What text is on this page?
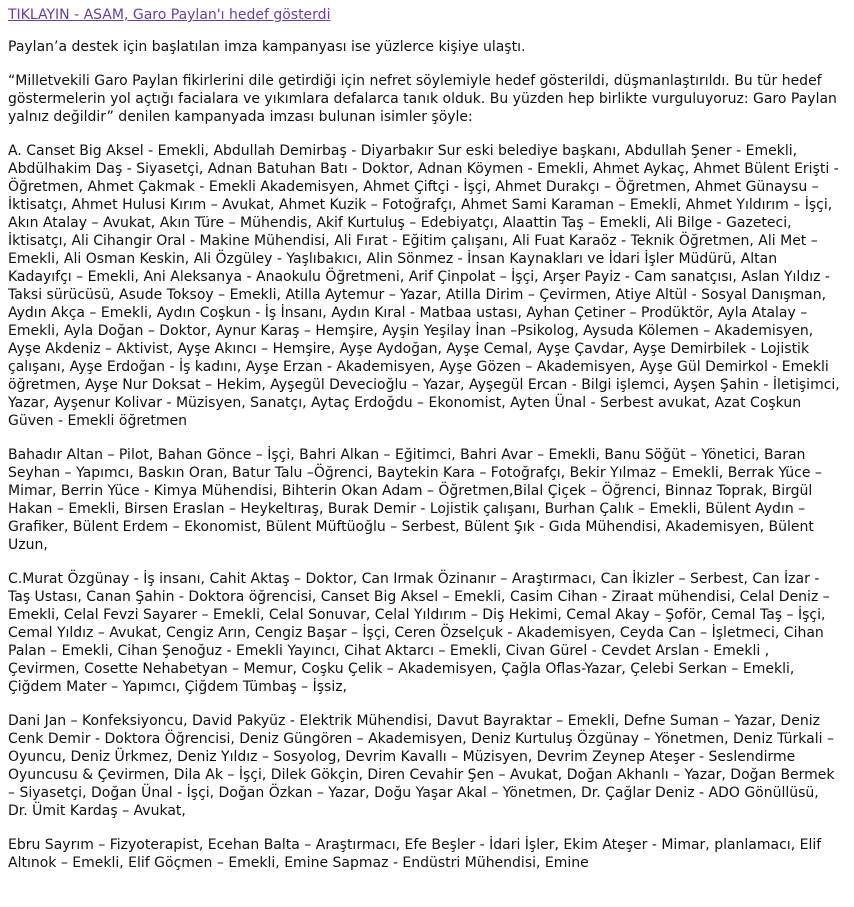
TIKLAYIN - ASAM, Garo Paylan'ı hedef gösterdi

Paylan’a destek için başlatılan imza kampanyası ise yüzlerce kişiye ulaştı.

“Milletvekili Garo Paylan fikirlerini dile getirdiği için nefret söylemiyle hedef gösterildi, düşmanlaştırıldı. Bu tür hedef göstermelerin yol açtığı facialara ve yıkımlara defalarca tanık olduk. Bu yüzden hep birlikte vurguluyoruz: Garo Paylan yalnız değildir” denilen kampanyada imzası bulunan isimler şöyle:

A. Canset Big Aksel - Emekli, Abdullah Demirbaş - Diyarbakır Sur eski belediye başkanı, Abdullah Şener - Emekli, Abdülhakim Daş - Siyasetçi, Adnan Batuhan Batı - Doktor, Adnan Köymen - Emekli, Ahmet Aykaç, Ahmet Bülent Erişti - Öğretmen, Ahmet Çakmak - Emekli Akademisyen, Ahmet Çiftçi - İşçi, Ahmet Durakçı – Öğretmen, Ahmet Günaysu – İktisatçı, Ahmet Hulusi Kırım – Avukat, Ahmet Kuzik – Fotoğrafçı, Ahmet Sami Karaman – Emekli, Ahmet Yıldırım – İşçi, Akın Atalay – Avukat, Akın Türe – Mühendis, Akif Kurtuluş – Edebiyatçı, Alaattin Taş – Emekli, Ali Bilge - Gazeteci, İktisatçı, Ali Cihangir Oral - Makine Mühendisi, Ali Fırat - Eğitim çalışanı, Ali Fuat Karaöz - Teknik Öğretmen, Ali Met – Emekli, Ali Osman Keskin, Ali Özgüley - Yaşlıbakıcı, Alin Sönmez - İnsan Kaynakları ve İdari İşler Müdürü, Altan Kadayıfçı – Emekli, Ani Aleksanya - Anaokulu Öğretmeni, Arif Çinpolat – İşçi, Arşer Payiz - Cam sanatçısı, Aslan Yıldız - Taksi sürücüsü, Asude Toksoy – Emekli, Atilla Aytemur – Yazar, Atilla Dirim – Çevirmen, Atiye Altül - Sosyal Danışman, Aydın Akça – Emekli, Aydın Coşkun - İş İnsanı, Aydın Kıral - Matbaa ustası, Ayhan Çetiner – Prodüktör, Ayla Atalay – Emekli, Ayla Doğan – Doktor, Aynur Karaş – Hemşire, Ayşin Yeşilay İnan –Psikolog, Aysuda Kölemen – Akademisyen, Ayşe Akdeniz – Aktivist, Ayşe Akıncı – Hemşire, Ayşe Aydoğan, Ayşe Cemal, Ayşe Çavdar, Ayşe Demirbilek - Lojistik çalışanı, Ayşe Erdoğan - İş kadını, Ayşe Erzan - Akademisyen, Ayşe Gözen – Akademisyen, Ayşe Gül Demirkol - Emekli öğretmen, Ayşe Nur Doksat – Hekim, Ayşegül Devecioğlu – Yazar, Ayşegül Ercan - Bilgi işlemci, Ayşen Şahin - İletişimci, Yazar, Ayşenur Kolivar - Müzisyen, Sanatçı, Aytaç Erdoğdu – Ekonomist, Ayten Ünal - Serbest avukat, Azat Coşkun Güven - Emekli öğretmen

Bahadır Altan – Pilot, Bahan Gönce – İşçi, Bahri Alkan – Eğitimci, Bahri Avar – Emekli, Banu Söğüt – Yönetici, Baran Seyhan – Yapımcı, Baskın Oran, Batur Talu –Öğrenci, Baytekin Kara – Fotoğrafçı, Bekir Yılmaz – Emekli, Berrak Yüce – Mimar, Berrin Yüce - Kimya Mühendisi, Bihterin Okan Adam – Öğretmen,Bilal Çiçek – Öğrenci, Binnaz Toprak, Birgül Hakan – Emekli, Birsen Eraslan – Heykeltıraş, Burak Demir - Lojistik çalışanı, Burhan Çalık – Emekli, Bülent Aydın – Grafiker, Bülent Erdem – Ekonomist, Bülent Müftüoğlu – Serbest, Bülent Şık - Gıda Mühendisi, Akademisyen, Bülent Uzun,

C.Murat Özgünay - İş insanı, Cahit Aktaş – Doktor, Can Irmak Özinanır – Araştırmacı, Can İkizler – Serbest, Can İzar - Taş Ustası, Canan Şahin - Doktora öğrencisi, Canset Big Aksel – Emekli, Casim Cihan - Ziraat mühendisi, Celal Deniz – Emekli, Celal Fevzi Sayarer – Emekli, Celal Sonuvar, Celal Yıldırım – Diş Hekimi, Cemal Akay – Şoför, Cemal Taş – İşçi, Cemal Yıldız – Avukat, Cengiz Arın, Cengiz Başar – İşçi, Ceren Özselçuk - Akademisyen, Ceyda Can – İşletmeci, Cihan Palan – Emekli, Cihan Şenoğuz - Emekli Yayıncı, Cihat Aktarcı – Emekli, Civan Gürel - Cevdet Arslan - Emekli , Çevirmen, Cosette Nehabetyan – Memur, Coşku Çelik – Akademisyen, Çağla Oflas-Yazar, Çelebi Serkan – Emekli, Çiğdem Mater – Yapımcı, Çiğdem Tümbaş – İşsiz,

Dani Jan – Konfeksiyoncu, David Pakyüz - Elektrik Mühendisi, Davut Bayraktar – Emekli, Defne Suman – Yazar, Deniz Cenk Demir - Doktora Öğrencisi, Deniz Güngören – Akademisyen, Deniz Kurtuluş Özgünay – Yönetmen, Deniz Türkali – Oyuncu, Deniz Ürkmez, Deniz Yıldız – Sosyolog, Devrim Kavallı – Müzisyen, Devrim Zeynep Ateşer - Seslendirme Oyuncusu & Çevirmen, Dila Ak – İşçi, Dilek Gökçin, Diren Cevahir Şen – Avukat, Doğan Akhanlı – Yazar, Doğan Bermek – Siyasetçi, Doğan Ünal - İşçi, Doğan Özkan – Yazar, Doğu Yaşar Akal – Yönetmen, Dr. Çağlar Deniz - ADO Gönüllüsü, Dr. Ümit Kardaş – Avukat,

Ebru Sayrım – Fizyoterapist, Ecehan Balta – Araştırmacı, Efe Beşler - İdari İşler, Ekim Ateşer - Mimar, planlamacı, Elif Altınok – Emekli, Elif Göçmen – Emekli, Emine Sapmaz - Endüstri Mühendisi, Emine
